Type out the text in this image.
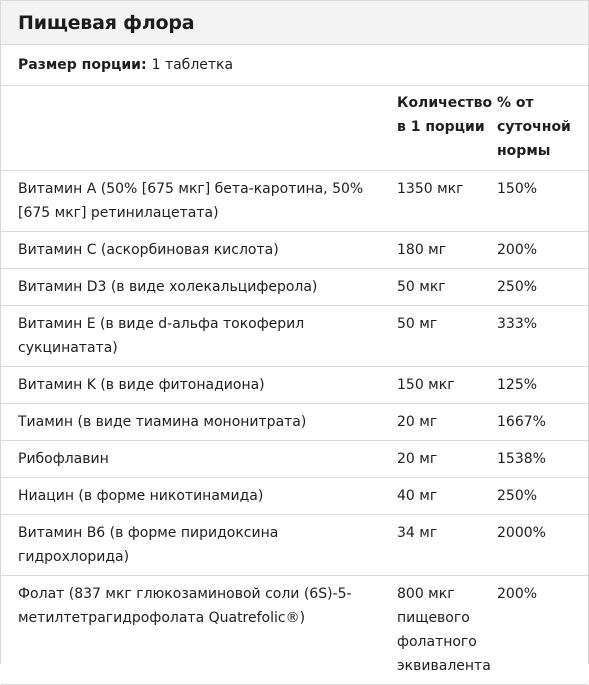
Пищевая флора
Размер порции: 1 таблетка
	Количество в 1 порции	% от суточной нормы
Витамин A (50% [675 мкг] бета-каротина, 50% [675 мкг] ретинилацетата)	1350 мкг	150%
Витамин C (аскорбиновая кислота)	180 мг	200%
Витамин D3 (в виде холекальциферола)	50 мкг	250%
Витамин E (в виде d-альфа токоферил сукцинатата)	50 мг	333%
Витамин K (в виде фитонадиона)	150 мкг	125%
Тиамин (в виде тиамина мононитрата)	20 мг	1667%
Рибофлавин	20 мг	1538%
Ниацин (в форме никотинамида)	40 мг	250%
Витамин B6 (в форме пиридоксина гидрохлорида)	34 мг	2000%
Фолат (837 мкг глюкозаминовой соли (6S)-5-метилтетрагидрофолата Quatrefolic®)	800 мкг пищевого фолатного эквивалента	200%
